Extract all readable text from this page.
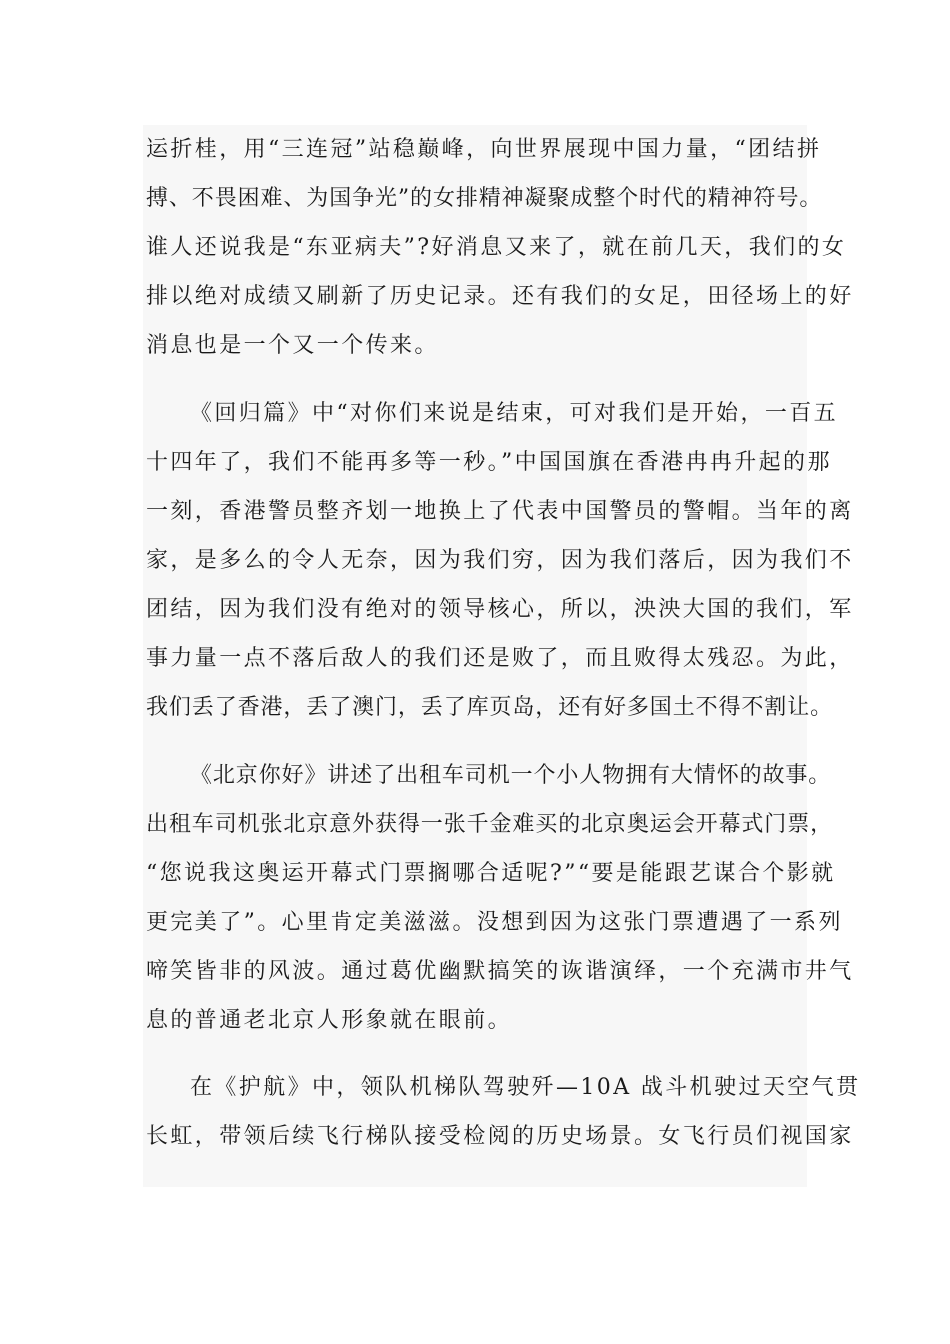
运折桂，用“三连冠”站稳巅峰，向世界展现中国力量，“团结拼
搏、不畏困难、为国争光”的女排精神凝聚成整个时代的精神符号。
谁人还说我是“东亚病夫”?好消息又来了，就在前几天，我们的女
排以绝对成绩又刷新了历史记录。还有我们的女足，田径场上的好
消息也是一个又一个传来。
《回归篇》中“对你们来说是结束，可对我们是开始，一百五
十四年了，我们不能再多等一秒。”中国国旗在香港冉冉升起的那
一刻，香港警员整齐划一地换上了代表中国警员的警帽。当年的离
家，是多么的令人无奈，因为我们穷，因为我们落后，因为我们不
团结，因为我们没有绝对的领导核心，所以，泱泱大国的我们，军
事力量一点不落后敌人的我们还是败了，而且败得太残忍。为此，
我们丢了香港，丢了澳门，丢了库页岛，还有好多国土不得不割让。
《北京你好》讲述了出租车司机一个小人物拥有大情怀的故事。
出租车司机张北京意外获得一张千金难买的北京奥运会开幕式门票，
“您说我这奥运开幕式门票搁哪合适呢?”“要是能跟艺谋合个影就
更完美了”。心里肯定美滋滋。没想到因为这张门票遭遇了一系列
啼笑皆非的风波。通过葛优幽默搞笑的诙谐演绎，一个充满市井气
息的普通老北京人形象就在眼前。
在《护航》中，领队机梯队驾驶歼—10A 战斗机驶过天空气贯
长虹，带领后续飞行梯队接受检阅的历史场景。女飞行员们视国家
